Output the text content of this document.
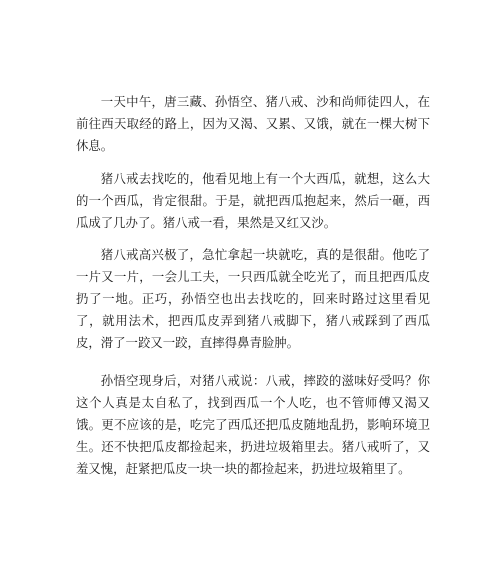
一天中午，唐三藏、孙悟空、猪八戒、沙和尚师徒四人，在前往西天取经的路上，因为又渴、又累、又饿，就在一棵大树下休息。

猪八戒去找吃的，他看见地上有一个大西瓜，就想，这么大的一个西瓜，肯定很甜。于是，就把西瓜抱起来，然后一砸，西瓜成了几办了。猪八戒一看，果然是又红又沙。

猪八戒高兴极了，急忙拿起一块就吃，真的是很甜。他吃了一片又一片，一会儿工夫，一只西瓜就全吃光了，而且把西瓜皮扔了一地。正巧，孙悟空也出去找吃的，回来时路过这里看见了，就用法术，把西瓜皮弄到猪八戒脚下，猪八戒踩到了西瓜皮，滑了一跤又一跤，直摔得鼻青脸肿。

孙悟空现身后，对猪八戒说：八戒，摔跤的滋味好受吗？你这个人真是太自私了，找到西瓜一个人吃，也不管师傅又渴又饿。更不应该的是，吃完了西瓜还把瓜皮随地乱扔，影响环境卫生。还不快把瓜皮都捡起来，扔进垃圾箱里去。猪八戒听了，又羞又愧，赶紧把瓜皮一块一块的都捡起来，扔进垃圾箱里了。
